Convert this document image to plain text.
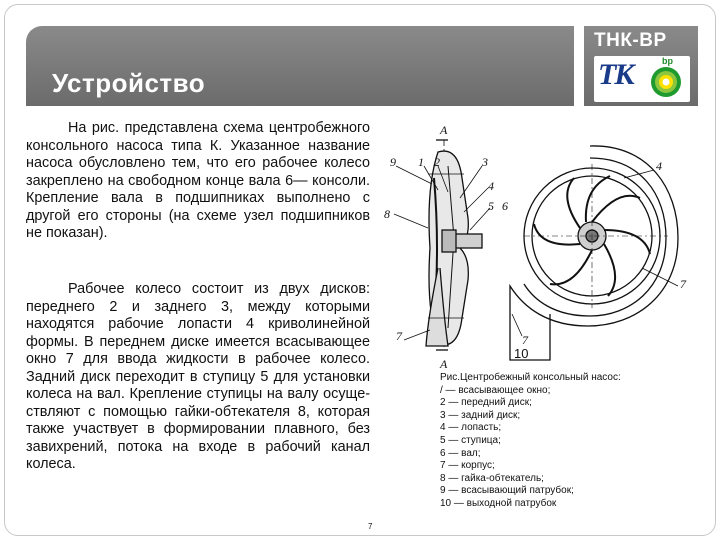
Устройство
ТНК-BP
ТК	bp

На рис. представлена схема центробежного консольного насоса типа К. Указанное название насоса обусловлено тем, что его рабочее колесо закреплено на свободном конце вала 6— консоли. Крепление вала в подшипниках выполнено с другой его стороны (на схеме узел подшипников не показан).

Рабочее колесо состоит из двух дисков: переднего 2 и заднего 3, между которыми находятся рабочие лопасти 4 криволинейной формы. В переднем диске имеется всасывающее окно 7 для ввода жидкости в рабочее колесо. Задний диск переходит в ступицу 5 для установки колеса на вал. Крепление ступицы на валу осуще-ствляют с помощью гайки-обтекателя 8, которая также участвует в формировании плавного, без завихрений, потока на входе в рабочий канал колеса.

7
A
A
9 1 2	3
4
5 6
8
7
4
7
7
10
Рис.Центробежный консольный насос:
/ — всасывающее окно;
2 — передний диск;
3 — задний диск;
4 — лопасть;
5 — ступица;
6 — вал;
7 — корпус;
8 — гайка-обтекатель;
9 — всасывающий патрубок;
10 — выходной патрубок
